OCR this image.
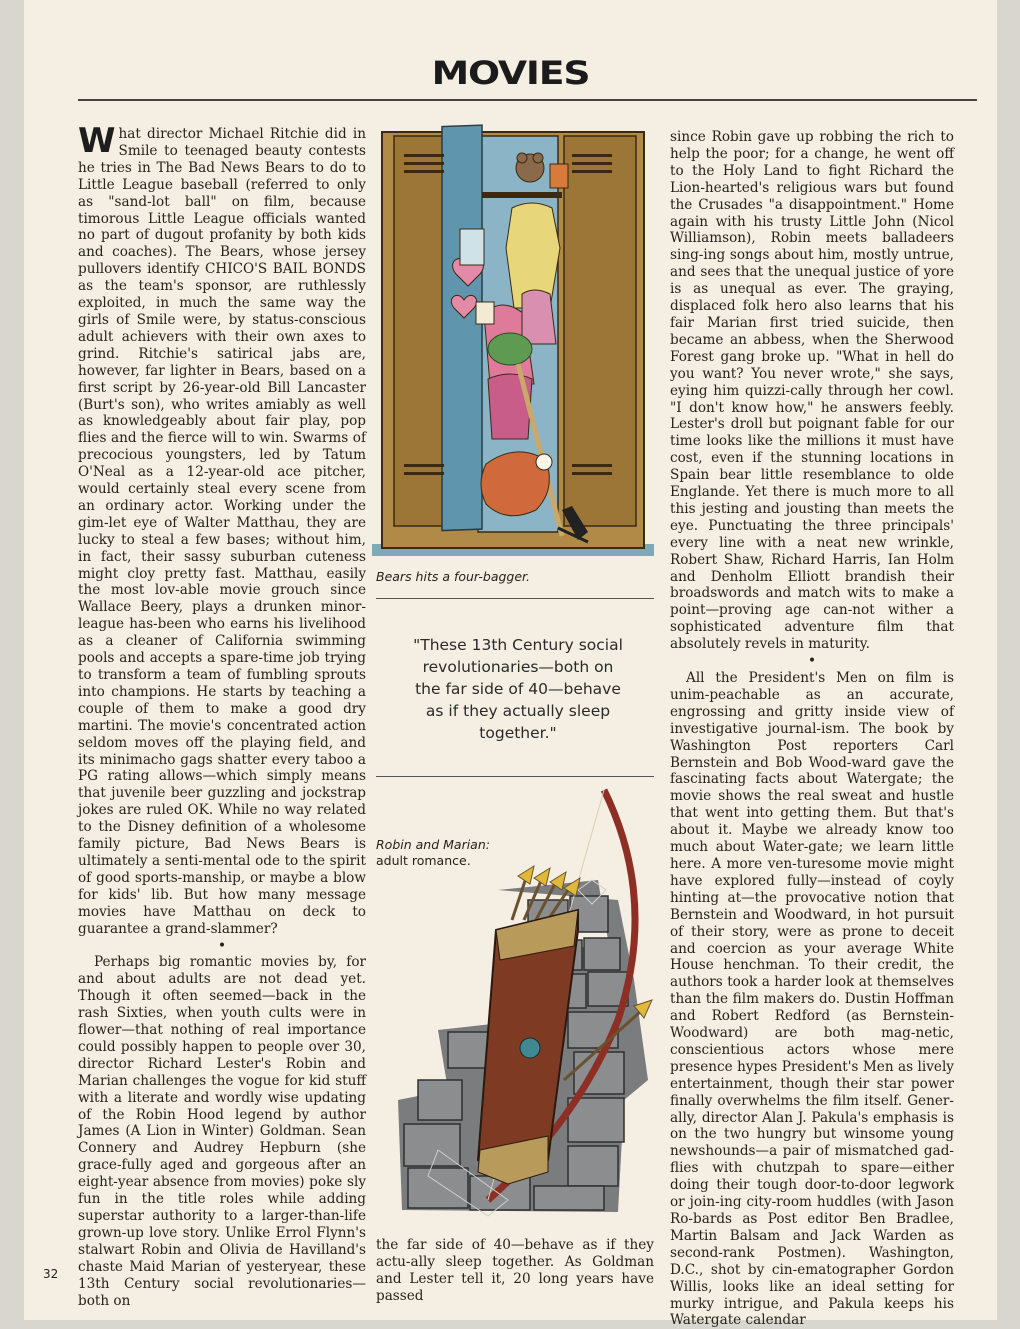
MOVIES

What director Michael Ritchie did in Smile to teenaged beauty contests he tries in The Bad News Bears to do to Little League baseball (referred to only as "sand-lot ball" on film, because timorous Little League officials wanted no part of dugout profanity by both kids and coaches). The Bears, whose jersey pullovers identify CHICO'S BAIL BONDS as the team's sponsor, are ruthlessly exploited, in much the same way the girls of Smile were, by status-conscious adult achievers with their own axes to grind. Ritchie's satirical jabs are, however, far lighter in Bears, based on a first script by 26-year-old Bill Lancaster (Burt's son), who writes amiably as well as knowledgeably about fair play, pop flies and the fierce will to win. Swarms of precocious youngsters, led by Tatum O'Neal as a 12-year-old ace pitcher, would certainly steal every scene from an ordinary actor. Working under the gim-let eye of Walter Matthau, they are lucky to steal a few bases; without him, in fact, their sassy suburban cuteness might cloy pretty fast. Matthau, easily the most lov-able movie grouch since Wallace Beery, plays a drunken minor-league has-been who earns his livelihood as a cleaner of California swimming pools and accepts a spare-time job trying to transform a team of fumbling sprouts into champions. He starts by teaching a couple of them to make a good dry martini. The movie's concentrated action seldom moves off the playing field, and its minimacho gags shatter every taboo a PG rating allows—which simply means that juvenile beer guzzling and jockstrap jokes are ruled OK. While no way related to the Disney definition of a wholesome family picture, Bad News Bears is ultimately a senti-mental ode to the spirit of good sports-manship, or maybe a blow for kids' lib. But how many message movies have Matthau on deck to guarantee a grand-slammer?

•

Perhaps big romantic movies by, for and about adults are not dead yet. Though it often seemed—back in the rash Sixties, when youth cults were in flower—that nothing of real importance could possibly happen to people over 30, director Richard Lester's Robin and Marian challenges the vogue for kid stuff with a literate and wordly wise updating of the Robin Hood legend by author James (A Lion in Winter) Goldman. Sean Connery and Audrey Hepburn (she grace-fully aged and gorgeous after an eight-year absence from movies) poke sly fun in the title roles while adding superstar authority to a larger-than-life grown-up love story. Unlike Errol Flynn's stalwart Robin and Olivia de Havilland's chaste Maid Marian of yesteryear, these 13th Century social revolutionaries—both on

Bears hits a four-bagger.
"These 13th Century social revolutionaries—both on the far side of 40—behave as if they actually sleep together."
Robin and Marian:
adult romance.
the far side of 40—behave as if they actu-ally sleep together. As Goldman and Lester tell it, 20 long years have passed

since Robin gave up robbing the rich to help the poor; for a change, he went off to the Holy Land to fight Richard the Lion-hearted's religious wars but found the Crusades "a disappointment." Home again with his trusty Little John (Nicol Williamson), Robin meets balladeers sing-ing songs about him, mostly untrue, and sees that the unequal justice of yore is as unequal as ever. The graying, displaced folk hero also learns that his fair Marian first tried suicide, then became an abbess, when the Sherwood Forest gang broke up. "What in hell do you want? You never wrote," she says, eying him quizzi-cally through her cowl. "I don't know how," he answers feebly. Lester's droll but poignant fable for our time looks like the millions it must have cost, even if the stunning locations in Spain bear little resemblance to olde Englande. Yet there is much more to all this jesting and jousting than meets the eye. Punctuating the three principals' every line with a neat new wrinkle, Robert Shaw, Richard Harris, Ian Holm and Denholm Elliott brandish their broadswords and match wits to make a point—proving age can-not wither a sophisticated adventure film that absolutely revels in maturity.

•

All the President's Men on film is unim-peachable as an accurate, engrossing and gritty inside view of investigative journal-ism. The book by Washington Post reporters Carl Bernstein and Bob Wood-ward gave the fascinating facts about Watergate; the movie shows the real sweat and hustle that went into getting them. But that's about it. Maybe we already know too much about Water-gate; we learn little here. A more ven-turesome movie might have explored fully—instead of coyly hinting at—the provocative notion that Bernstein and Woodward, in hot pursuit of their story, were as prone to deceit and coercion as your average White House henchman. To their credit, the authors took a harder look at themselves than the film makers do. Dustin Hoffman and Robert Redford (as Bernstein-Woodward) are both mag-netic, conscientious actors whose mere presence hypes President's Men as lively entertainment, though their star power finally overwhelms the film itself. Gener-ally, director Alan J. Pakula's emphasis is on the two hungry but winsome young newshounds—a pair of mismatched gad-flies with chutzpah to spare—either doing their tough door-to-door legwork or join-ing city-room huddles (with Jason Ro-bards as Post editor Ben Bradlee, Martin Balsam and Jack Warden as second-rank Postmen). Washington, D.C., shot by cin-ematographer Gordon Willis, looks like an ideal setting for murky intrigue, and Pakula keeps his Watergate calendar

32
